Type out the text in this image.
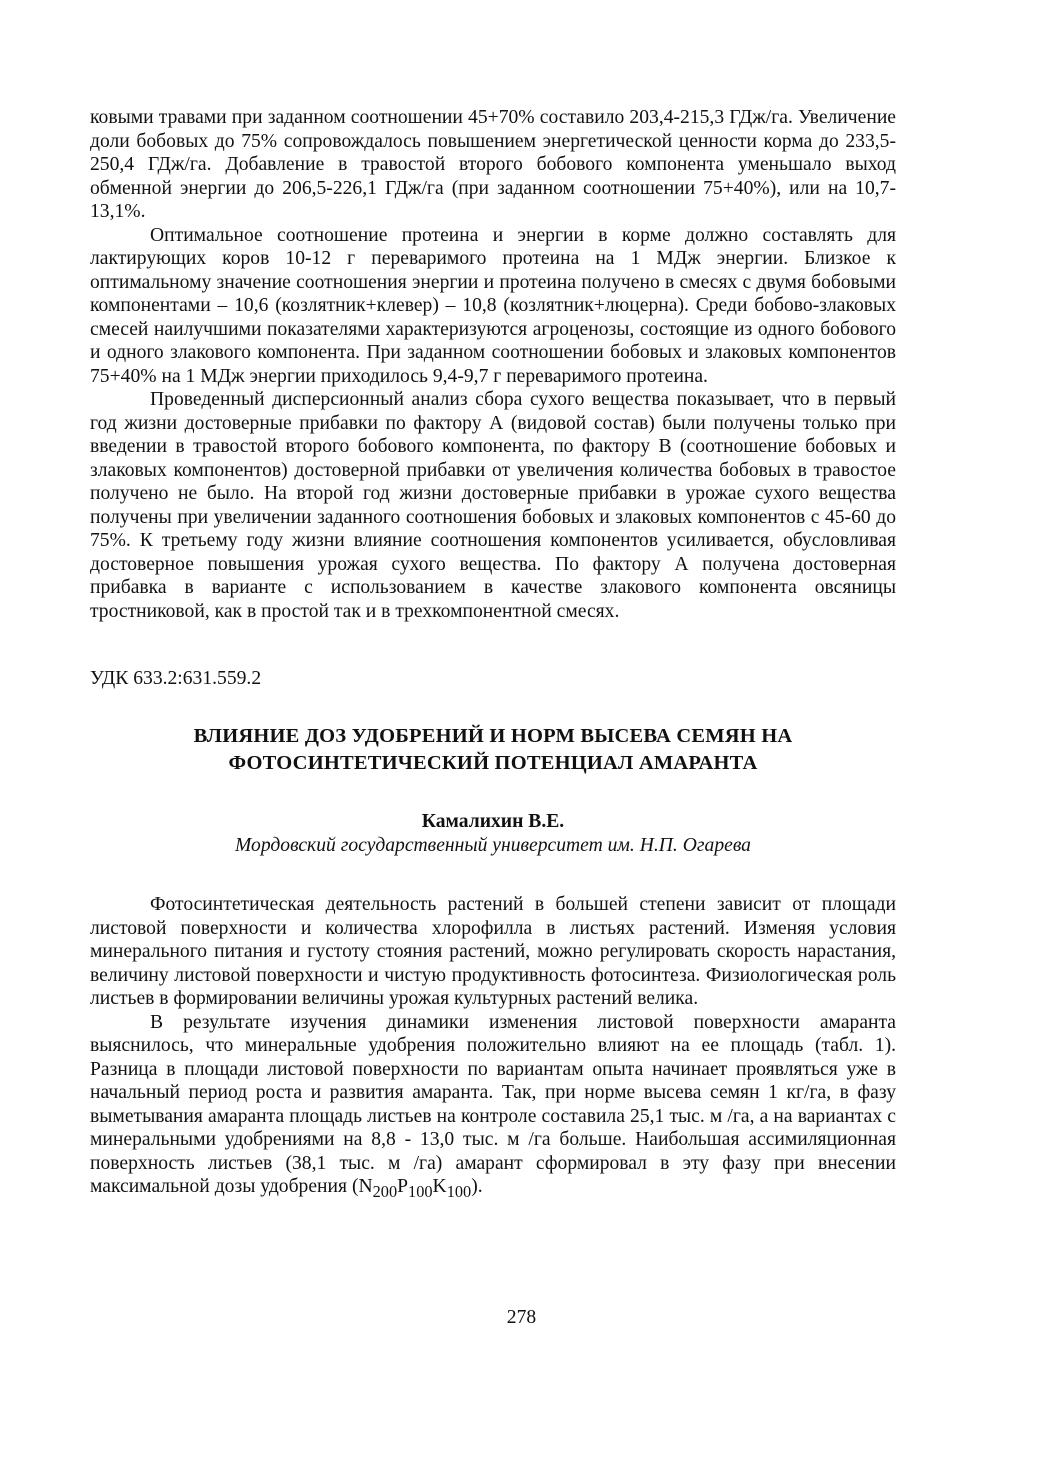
ковыми травами при заданном соотношении 45+70% составило 203,4-215,3 ГДж/га. Увеличение доли бобовых до 75% сопровождалось повышением энергетической ценности корма до 233,5-250,4 ГДж/га. Добавление в травостой второго бобового компонента уменьшало выход обменной энергии до 206,5-226,1 ГДж/га (при заданном соотношении 75+40%), или на 10,7-13,1%.

Оптимальное соотношение протеина и энергии в корме должно составлять для лактирующих коров 10-12 г переваримого протеина на 1 МДж энергии. Близкое к оптимальному значение соотношения энергии и протеина получено в смесях с двумя бобовыми компонентами – 10,6 (козлятник+клевер) – 10,8 (козлятник+люцерна). Среди бобово-злаковых смесей наилучшими показателями характеризуются агроценозы, состоящие из одного бобового и одного злакового компонента. При заданном соотношении бобовых и злаковых компонентов 75+40% на 1 МДж энергии приходилось 9,4-9,7 г переваримого протеина.

Проведенный дисперсионный анализ сбора сухого вещества показывает, что в первый год жизни достоверные прибавки по фактору А (видовой состав) были получены только при введении в травостой второго бобового компонента, по фактору В (соотношение бобовых и злаковых компонентов) достоверной прибавки от увеличения количества бобовых в травостое получено не было. На второй год жизни достоверные прибавки в урожае сухого вещества получены при увеличении заданного соотношения бобовых и злаковых компонентов с 45-60 до 75%. К третьему году жизни влияние соотношения компонентов усиливается, обусловливая достоверное повышения урожая сухого вещества. По фактору А получена достоверная прибавка в варианте с использованием в качестве злакового компонента овсяницы тростниковой, как в простой так и в трехкомпонентной смесях.

УДК 633.2:631.559.2
ВЛИЯНИЕ ДОЗ УДОБРЕНИЙ И НОРМ ВЫСЕВА СЕМЯН НА
ФОТОСИНТЕТИЧЕСКИЙ ПОТЕНЦИАЛ АМАРАНТА
Камалихин В.Е.
Мордовский государственный университет им. Н.П. Огарева

Фотосинтетическая деятельность растений в большей степени зависит от площади листовой поверхности и количества хлорофилла в листьях растений. Изменяя условия минерального питания и густоту стояния растений, можно регулировать скорость нарастания, величину листовой поверхности и чистую продуктивность фотосинтеза. Физиологическая роль листьев в формировании величины урожая культурных растений велика.

В результате изучения динамики изменения листовой поверхности амаранта выяснилось, что минеральные удобрения положительно влияют на ее площадь (табл. 1). Разница в площади листовой поверхности по вариантам опыта начинает проявляться уже в начальный период роста и развития амаранта. Так, при норме высева семян 1 кг/га, в фазу выметывания амаранта площадь листьев на контроле составила 25,1 тыс. м /га, а на вариантах с минеральными удобрениями на 8,8 - 13,0 тыс. м /га больше. Наибольшая ассимиляционная поверхность листьев (38,1 тыс. м /га) амарант сформировал в эту фазу при внесении максимальной дозы удобрения $(N_{200}P_{100}K_{100})$.

278
